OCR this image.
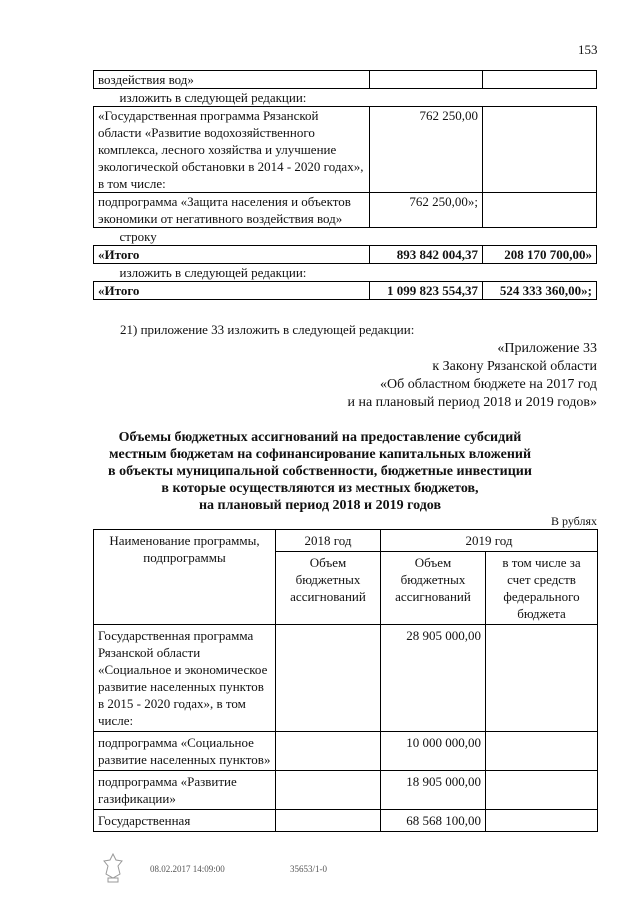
153
воздействия вод»		
изложить в следующей редакции:		
«Государственная программа Рязанской области «Развитие водохозяйственного комплекса, лесного хозяйства и улучшение экологической обстановки в 2014 - 2020 годах», в том числе:	762 250,00	
подпрограмма «Защита населения и объектов экономики от негативного воздействия вод»	762 250,00»;	
строку		
«Итого	893 842 004,37	208 170 700,00»
изложить в следующей редакции:		
«Итого	1 099 823 554,37	524 333 360,00»;
21) приложение 33 изложить в следующей редакции:
«Приложение 33
к Закону Рязанской области
«Об областном бюджете на 2017 год
и на плановый период 2018 и 2019 годов»
Объемы бюджетных ассигнований на предоставление субсидий
местным бюджетам на софинансирование капитальных вложений
в объекты муниципальной собственности, бюджетные инвестиции
в которые осуществляются из местных бюджетов,
на плановый период 2018 и 2019 годов
В рублях
Наименование программы, подпрограммы	2018 год	2019 год	
	Объем бюджетных ассигнований	Объем бюджетных ассигнований	в том числе за счет средств федерального бюджета
Государственная программа Рязанской области «Социальное и экономическое развитие населенных пунктов в 2015 - 2020 годах», в том числе:		28 905 000,00	
подпрограмма «Социальное развитие населенных пунктов»		10 000 000,00	
подпрограмма «Развитие газификации»		18 905 000,00	
Государственная		68 568 100,00	
08.02.2017 14:09:00	35653/1-0
